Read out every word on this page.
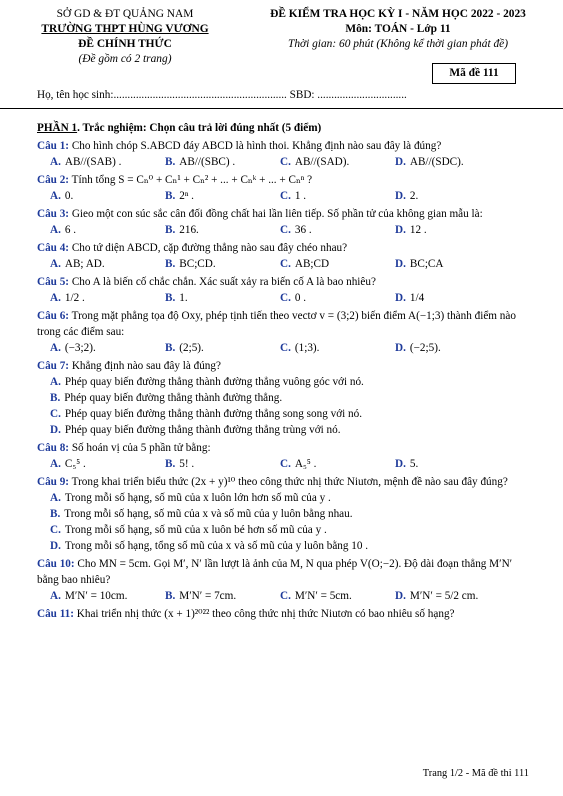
SỞ GD & ĐT QUẢNG NAM
TRƯỜNG THPT HÙNG VƯƠNG
ĐỀ CHÍNH THỨC
(Đề gồm có 2 trang)
ĐỀ KIỂM TRA HỌC KỲ I - NĂM HỌC 2022 - 2023
Môn: TOÁN - Lớp 11
Thời gian: 60 phút (Không kể thời gian phát đề)
Mã đề 111
Họ, tên học sinh:.............................................................. SBD: ................................
PHẦN 1. Trắc nghiệm: Chọn câu trả lời đúng nhất (5 điểm)
Câu 1: Cho hình chóp S.ABCD đáy ABCD là hình thoi. Khẳng định nào sau đây là đúng?
A. AB//(SAB) .	B. AB//(SBC) .	C. AB//(SAD).	D. AB//(SDC).
Câu 2: Tính tổng S = Cₙ⁰ + Cₙ¹ + Cₙ² + ... + Cₙᵏ + ... + Cₙⁿ ?
A. 0.	B. 2ⁿ .	C. 1 .	D. 2.
Câu 3: Gieo một con súc sắc cân đối đồng chất hai lần liên tiếp. Số phần tử của không gian mẫu là:
A. 6 .	B. 216.	C. 36 .	D. 12 .
Câu 4: Cho tứ diện ABCD, cặp đường thẳng nào sau đây chéo nhau?
A. AB; AD.	B. BC;CD.	C. AB;CD	D. BC;CA
Câu 5: Cho A là biến cố chắc chắn. Xác suất xảy ra biến cố A là bao nhiêu?
A. 1/2 .	B. 1.	C. 0 .	D. 1/4
Câu 6: Trong mặt phẳng tọa độ Oxy, phép tịnh tiến theo vectơ v = (3;2) biến điểm A(−1;3) thành điểm nào trong các điểm sau:
A. (−3;2).	B. (2;5).	C. (1;3).	D. (−2;5).
Câu 7: Khẳng định nào sau đây là đúng?
A. Phép quay biến đường thẳng thành đường thẳng vuông góc với nó.
B. Phép quay biến đường thẳng thành đường thẳng.
C. Phép quay biến đường thẳng thành đường thẳng song song với nó.
D. Phép quay biến đường thẳng thành đường thẳng trùng với nó.
Câu 8: Số hoán vị của 5 phần tử bằng:
A. C₅⁵ .	B. 5! .	C. A₅⁵ .	D. 5.
Câu 9: Trong khai triển biểu thức (2x + y)¹⁰ theo công thức nhị thức Niutơn, mệnh đề nào sau đây đúng?
A. Trong mỗi số hạng, số mũ của x luôn lớn hơn số mũ của y .
B. Trong mỗi số hạng, số mũ của x và số mũ của y luôn bằng nhau.
C. Trong mỗi số hạng, số mũ của x luôn bé hơn số mũ của y .
D. Trong mỗi số hạng, tổng số mũ của x và số mũ của y luôn bằng 10 .
Câu 10: Cho MN = 5cm. Gọi M′, N′ lần lượt là ảnh của M, N qua phép V(O;−2). Độ dài đoạn thẳng M′N′ bằng bao nhiêu?
A. M′N′ = 10cm.	B. M′N′ = 7cm.	C. M′N′ = 5cm.	D. M′N′ = 5/2 cm.
Câu 11: Khai triển nhị thức (x + 1)²⁰²² theo công thức nhị thức Niutơn có bao nhiêu số hạng?
Trang 1/2 - Mã đề thi 111
